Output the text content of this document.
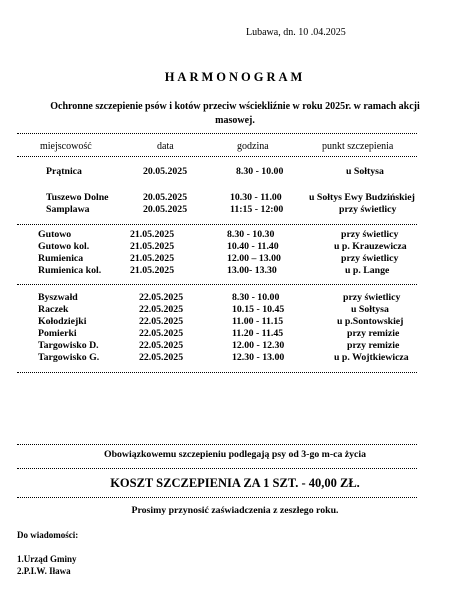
Lubawa, dn. 10 .04.2025
HARMONOGRAM
Ochronne szczepienie psów i kotów przeciw wściekliźnie w roku 2025r. w ramach akcji masowej.
miejscowość	data	godzina	punkt szczepienia
Prątnica	20.05.2025	8.30 - 10.00	u Sołtysa
Tuszewo Dolne	20.05.2025	10.30 - 11.00	u Sołtys Ewy Budzińskiej
Samplawa	20.05.2025	11:15 - 12:00	przy świetlicy
Gutowo	21.05.2025	8.30 - 10.30	przy świetlicy
Gutowo kol.	21.05.2025	10.40 - 11.40	u p. Krauzewicza
Rumienica	21.05.2025	12.00 – 13.00	przy świetlicy
Rumienica kol.	21.05.2025	13.00- 13.30	u p. Lange
Byszwałd	22.05.2025	8.30 - 10.00	przy świetlicy
Raczek	22.05.2025	10.15 - 10.45	u Sołtysa
Kołodziejki	22.05.2025	11.00 - 11.15	u p.Sontowskiej
Pomierki	22.05.2025	11.20 - 11.45	przy remizie
Targowisko D.	22.05.2025	12.00 - 12.30	przy remizie
Targowisko G.	22.05.2025	12.30 - 13.00	u p. Wojtkiewicza
Obowiązkowemu szczepieniu podlegają psy od 3-go m-ca życia
KOSZT SZCZEPIENIA ZA 1 SZT. - 40,00 ZŁ.
Prosimy przynosić zaświadczenia z zeszłego roku.
Do wiadomości:
1.Urząd Gminy
2.P.I.W. Iława
